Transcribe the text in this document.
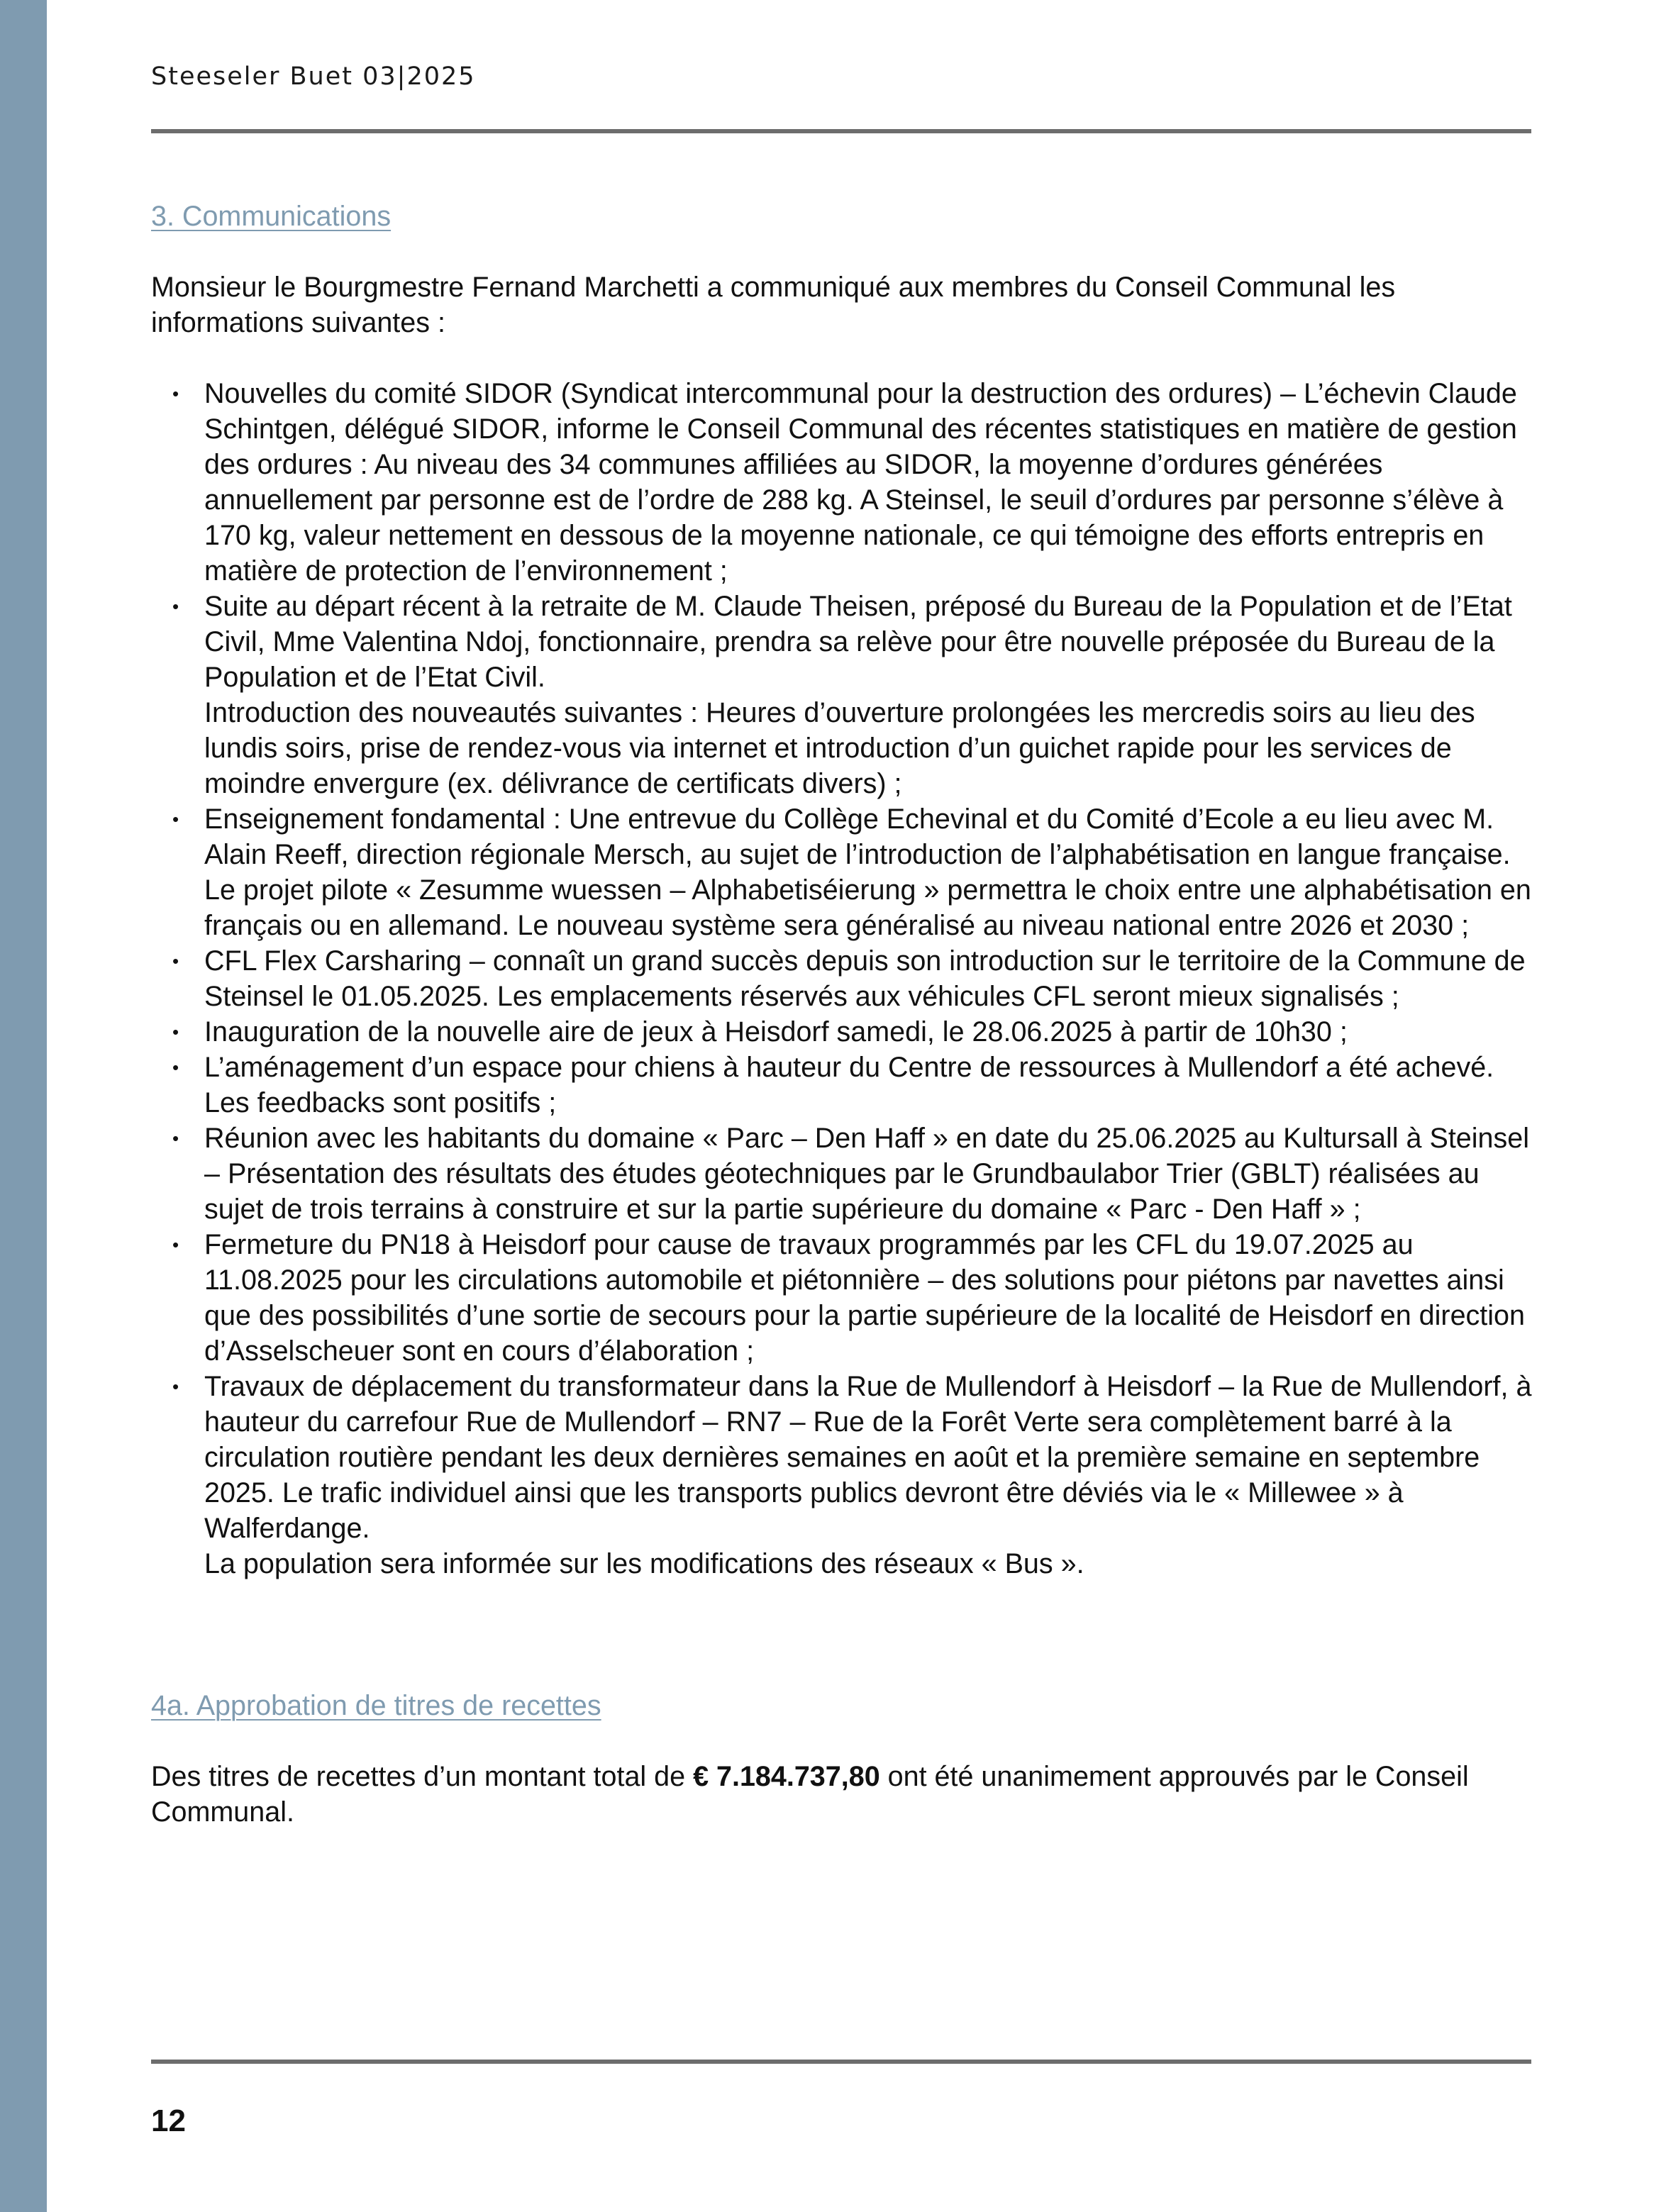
Steeseler Buet 03|2025
3. Communications

Monsieur le Bourgmestre Fernand Marchetti a communiqué aux membres du Conseil Communal les informations suivantes :

• Nouvelles du comité SIDOR (Syndicat intercommunal pour la destruction des ordures) – L’échevin Claude Schintgen, délégué SIDOR, informe le Conseil Communal des récentes statistiques en matière de gestion des ordures : Au niveau des 34 communes affiliées au SIDOR, la moyenne d’ordures générées annuellement par personne est de l’ordre de 288 kg. A Steinsel, le seuil d’ordures par personne s’élève à 170 kg, valeur nettement en dessous de la moyenne nationale, ce qui témoigne des efforts entrepris en matière de protection de l’environnement ;
• Suite au départ récent à la retraite de M. Claude Theisen, préposé du Bureau de la Population et de l’Etat Civil, Mme Valentina Ndoj, fonctionnaire, prendra sa relève pour être nouvelle préposée du Bureau de la Population et de l’Etat Civil.
Introduction des nouveautés suivantes : Heures d’ouverture prolongées les mercredis soirs au lieu des lundis soirs, prise de rendez-vous via internet et introduction d’un guichet rapide pour les services de moindre envergure (ex. délivrance de certificats divers) ;
• Enseignement fondamental : Une entrevue du Collège Echevinal et du Comité d’Ecole a eu lieu avec M. Alain Reeff, direction régionale Mersch, au sujet de l’introduction de l’alphabétisation en langue française. Le projet pilote « Zesumme wuessen – Alphabetiséierung » permettra le choix entre une alphabétisation en français ou en allemand. Le nouveau système sera généralisé au niveau national entre 2026 et 2030 ;
• CFL Flex Carsharing – connaît un grand succès depuis son introduction sur le territoire de la Commune de Steinsel le 01.05.2025. Les emplacements réservés aux véhicules CFL seront mieux signalisés ;
• Inauguration de la nouvelle aire de jeux à Heisdorf samedi, le 28.06.2025 à partir de 10h30 ;
• L’aménagement d’un espace pour chiens à hauteur du Centre de ressources à Mullendorf a été achevé. Les feedbacks sont positifs ;
• Réunion avec les habitants du domaine « Parc – Den Haff » en date du 25.06.2025 au Kultursall à Steinsel – Présentation des résultats des études géotechniques par le Grundbaulabor Trier (GBLT) réalisées au sujet de trois terrains à construire et sur la partie supérieure du domaine « Parc - Den Haff » ;
• Fermeture du PN18 à Heisdorf pour cause de travaux programmés par les CFL du 19.07.2025 au 11.08.2025 pour les circulations automobile et piétonnière – des solutions pour piétons par navettes ainsi que des possibilités d’une sortie de secours pour la partie supérieure de la localité de Heisdorf en direction d’Asselscheuer sont en cours d’élaboration ;
• Travaux de déplacement du transformateur dans la Rue de Mullendorf à Heisdorf – la Rue de Mullendorf, à hauteur du carrefour Rue de Mullendorf – RN7 – Rue de la Forêt Verte sera complètement barré à la circulation routière pendant les deux dernières semaines en août et la première semaine en septembre 2025. Le trafic individuel ainsi que les transports publics devront être déviés via le « Millewee » à Walferdange.
La population sera informée sur les modifications des réseaux « Bus ».
4a. Approbation de titres de recettes

Des titres de recettes d’un montant total de € 7.184.737,80 ont été unanimement approuvés par le Conseil Communal.

12
